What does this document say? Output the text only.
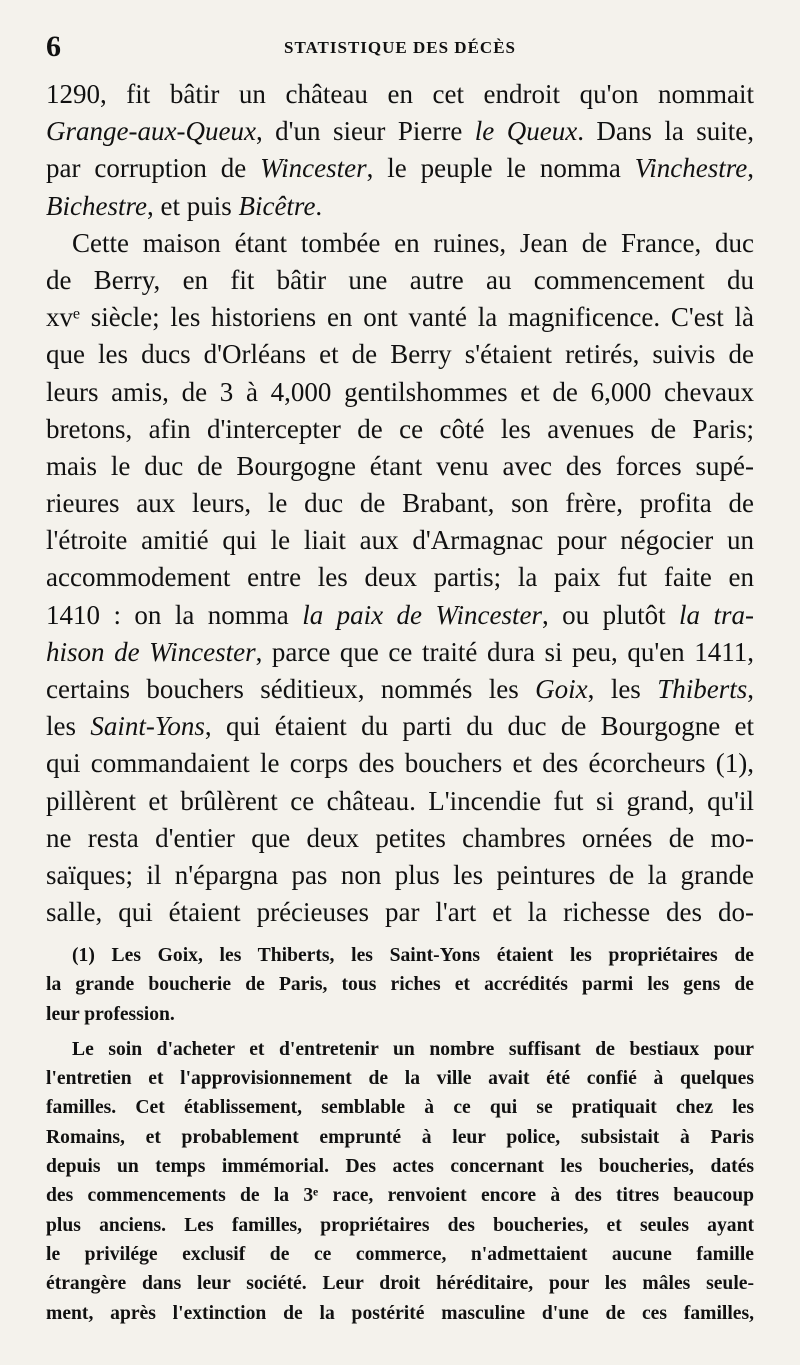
6	STATISTIQUE DES DÉCÈS
1290, fit bâtir un château en cet endroit qu'on nommait
Grange-aux-Queux, d'un sieur Pierre le Queux. Dans la suite,
par corruption de Wincester, le peuple le nomma Vinchestre,
Bichestre, et puis Bicêtre.
Cette maison étant tombée en ruines, Jean de France, duc
de Berry, en fit bâtir une autre au commencement du
xvᵉ siècle; les historiens en ont vanté la magnificence. C'est là
que les ducs d'Orléans et de Berry s'étaient retirés, suivis de
leurs amis, de 3 à 4,000 gentilshommes et de 6,000 chevaux
bretons, afin d'intercepter de ce côté les avenues de Paris;
mais le duc de Bourgogne étant venu avec des forces supé-
rieures aux leurs, le duc de Brabant, son frère, profita de
l'étroite amitié qui le liait aux d'Armagnac pour négocier un
accommodement entre les deux partis; la paix fut faite en
1410 : on la nomma la paix de Wincester, ou plutôt la tra-
hison de Wincester, parce que ce traité dura si peu, qu'en 1411,
certains bouchers séditieux, nommés les Goix, les Thiberts,
les Saint-Yons, qui étaient du parti du duc de Bourgogne et
qui commandaient le corps des bouchers et des écorcheurs (1),
pillèrent et brûlèrent ce château. L'incendie fut si grand, qu'il
ne resta d'entier que deux petites chambres ornées de mo-
saïques; il n'épargna pas non plus les peintures de la grande
salle, qui étaient précieuses par l'art et la richesse des do-
(1) Les Goix, les Thiberts, les Saint-Yons étaient les propriétaires de
la grande boucherie de Paris, tous riches et accrédités parmi les gens de
leur profession.
Le soin d'acheter et d'entretenir un nombre suffisant de bestiaux pour
l'entretien et l'approvisionnement de la ville avait été confié à quelques
familles. Cet établissement, semblable à ce qui se pratiquait chez les
Romains, et probablement emprunté à leur police, subsistait à Paris
depuis un temps immémorial. Des actes concernant les boucheries, datés
des commencements de la 3ᵉ race, renvoient encore à des titres beaucoup
plus anciens. Les familles, propriétaires des boucheries, et seules ayant
le privilége exclusif de ce commerce, n'admettaient aucune famille
étrangère dans leur société. Leur droit héréditaire, pour les mâles seule-
ment, après l'extinction de la postérité masculine d'une de ces familles,
